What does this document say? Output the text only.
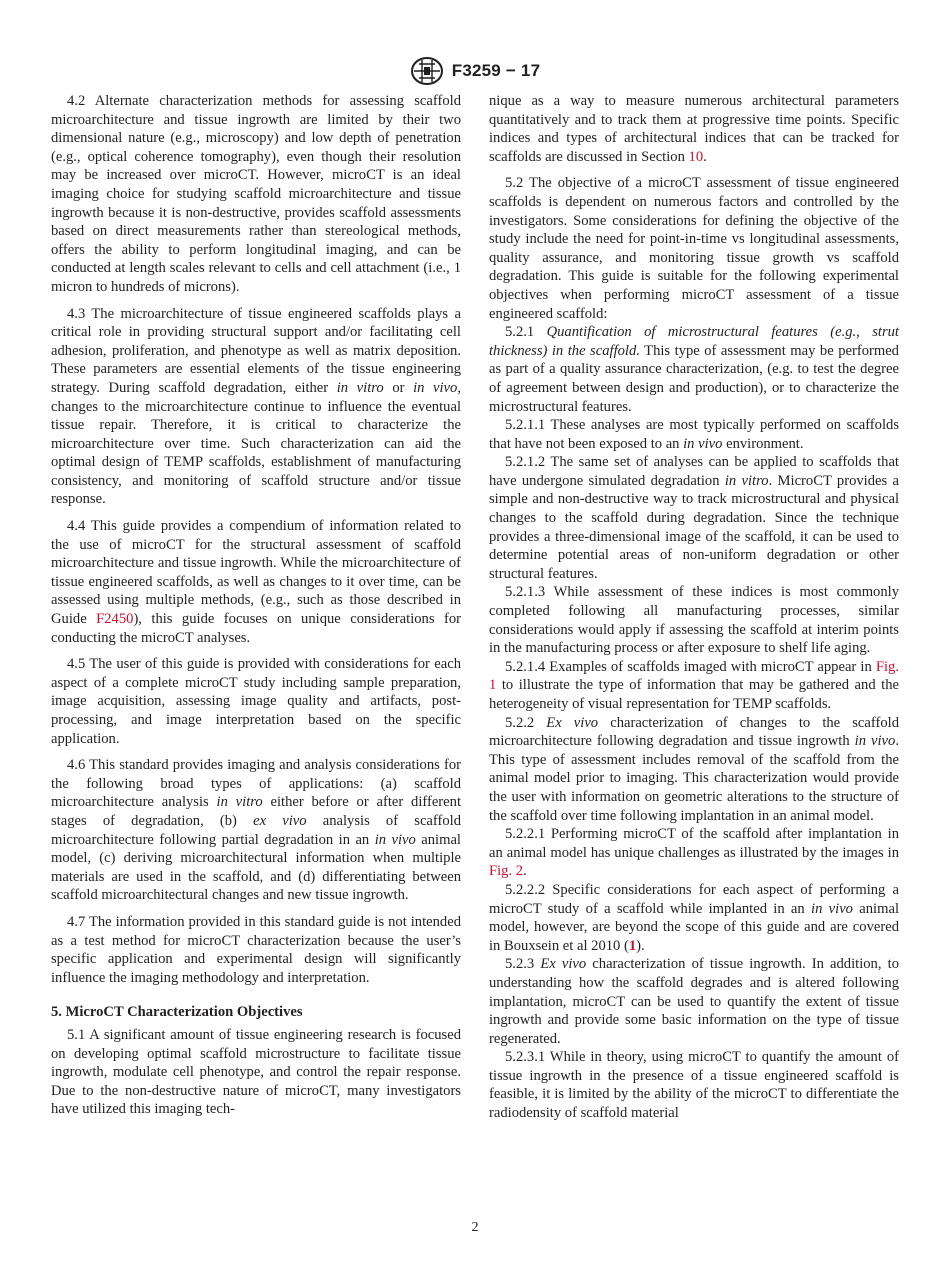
F3259 − 17

4.2 Alternate characterization methods for assessing scaffold microarchitecture and tissue ingrowth are limited by their two dimensional nature (e.g., microscopy) and low depth of penetration (e.g., optical coherence tomography), even though their resolution may be increased over microCT. However, microCT is an ideal imaging choice for studying scaffold microarchitecture and tissue ingrowth because it is non-destructive, provides scaffold assessments based on direct measurements rather than stereological methods, offers the ability to perform longitudinal imaging, and can be conducted at length scales relevant to cells and cell attachment (i.e., 1 micron to hundreds of microns).

4.3 The microarchitecture of tissue engineered scaffolds plays a critical role in providing structural support and/or facilitating cell adhesion, proliferation, and phenotype as well as matrix deposition. These parameters are essential elements of the tissue engineering strategy. During scaffold degradation, either in vitro or in vivo, changes to the microarchitecture continue to influence the eventual tissue repair. Therefore, it is critical to characterize the microarchitecture over time. Such characterization can aid the optimal design of TEMP scaffolds, establishment of manufacturing consistency, and monitoring of scaffold structure and/or tissue response.

4.4 This guide provides a compendium of information related to the use of microCT for the structural assessment of scaffold microarchitecture and tissue ingrowth. While the microarchitecture of tissue engineered scaffolds, as well as changes to it over time, can be assessed using multiple methods, (e.g., such as those described in Guide F2450), this guide focuses on unique considerations for conducting the microCT analyses.

4.5 The user of this guide is provided with considerations for each aspect of a complete microCT study including sample preparation, image acquisition, assessing image quality and artifacts, post-processing, and image interpretation based on the specific application.

4.6 This standard provides imaging and analysis considerations for the following broad types of applications: (a) scaffold microarchitecture analysis in vitro either before or after different stages of degradation, (b) ex vivo analysis of scaffold microarchitecture following partial degradation in an in vivo animal model, (c) deriving microarchitectural information when multiple materials are used in the scaffold, and (d) differentiating between scaffold microarchitectural changes and new tissue ingrowth.

4.7 The information provided in this standard guide is not intended as a test method for microCT characterization because the user’s specific application and experimental design will significantly influence the imaging methodology and interpretation.

5. MicroCT Characterization Objectives

5.1 A significant amount of tissue engineering research is focused on developing optimal scaffold microstructure to facilitate tissue ingrowth, modulate cell phenotype, and control the repair response. Due to the non-destructive nature of microCT, many investigators have utilized this imaging tech-

nique as a way to measure numerous architectural parameters quantitatively and to track them at progressive time points. Specific indices and types of architectural indices that can be tracked for scaffolds are discussed in Section 10.

5.2 The objective of a microCT assessment of tissue engineered scaffolds is dependent on numerous factors and controlled by the investigators. Some considerations for defining the objective of the study include the need for point-in-time vs longitudinal assessments, quality assurance, and monitoring tissue growth vs scaffold degradation. This guide is suitable for the following experimental objectives when performing microCT assessment of a tissue engineered scaffold:

5.2.1 Quantification of microstructural features (e.g., strut thickness) in the scaffold. This type of assessment may be performed as part of a quality assurance characterization, (e.g. to test the degree of agreement between design and production), or to characterize the microstructural features.

5.2.1.1 These analyses are most typically performed on scaffolds that have not been exposed to an in vivo environment.

5.2.1.2 The same set of analyses can be applied to scaffolds that have undergone simulated degradation in vitro. MicroCT provides a simple and non-destructive way to track microstructural and physical changes to the scaffold during degradation. Since the technique provides a three-dimensional image of the scaffold, it can be used to determine potential areas of non-uniform degradation or other structural features.

5.2.1.3 While assessment of these indices is most commonly completed following all manufacturing processes, similar considerations would apply if assessing the scaffold at interim points in the manufacturing process or after exposure to shelf life aging.

5.2.1.4 Examples of scaffolds imaged with microCT appear in Fig. 1 to illustrate the type of information that may be gathered and the heterogeneity of visual representation for TEMP scaffolds.

5.2.2 Ex vivo characterization of changes to the scaffold microarchitecture following degradation and tissue ingrowth in vivo. This type of assessment includes removal of the scaffold from the animal model prior to imaging. This characterization would provide the user with information on geometric alterations to the structure of the scaffold over time following implantation in an animal model.

5.2.2.1 Performing microCT of the scaffold after implantation in an animal model has unique challenges as illustrated by the images in Fig. 2.

5.2.2.2 Specific considerations for each aspect of performing a microCT study of a scaffold while implanted in an in vivo animal model, however, are beyond the scope of this guide and are covered in Bouxsein et al 2010 (1).

5.2.3 Ex vivo characterization of tissue ingrowth. In addition, to understanding how the scaffold degrades and is altered following implantation, microCT can be used to quantify the extent of tissue ingrowth and provide some basic information on the type of tissue regenerated.

5.2.3.1 While in theory, using microCT to quantify the amount of tissue ingrowth in the presence of a tissue engineered scaffold is feasible, it is limited by the ability of the microCT to differentiate the radiodensity of scaffold material

2
